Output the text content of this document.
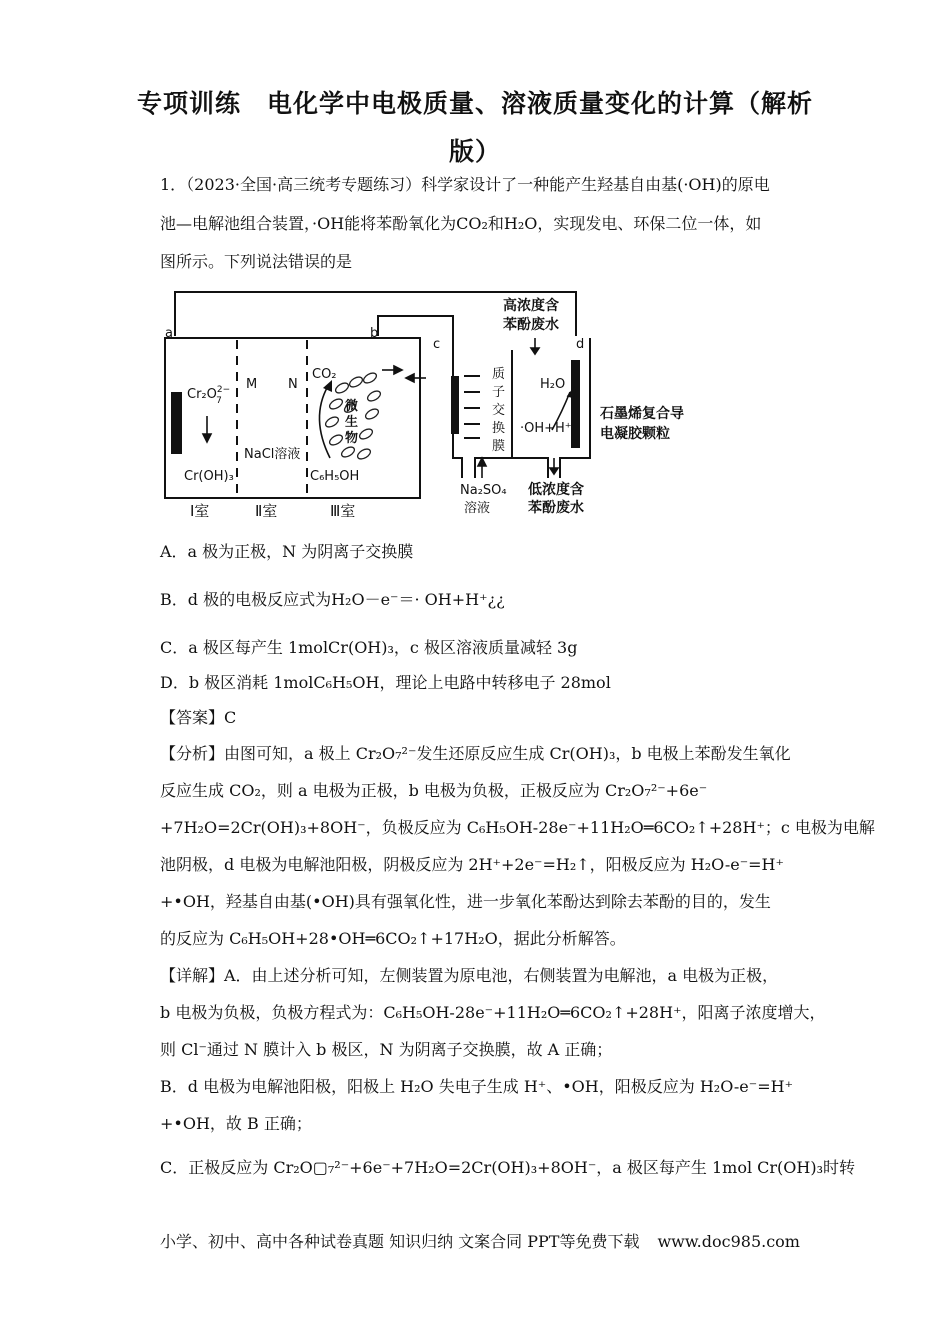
专项训练　电化学中电极质量、溶液质量变化的计算（解析
版）
1．（2023·全国·高三统考专题练习）科学家设计了一种能产生羟基自由基(·OH)的原电
池—电解池组合装置，·OH能将苯酚氧化为CO₂和H₂O，实现发电、环保二位一体，如
图所示。下列说法错误的是
a	b
c	d
M N
$Cr_2O^{2-}$ 7
Cr(OH)₃
NaCl溶液
CO₂
C₆H₅OH
微
生
物
Ⅰ室	Ⅱ室	Ⅲ室
高浓度含
苯酚废水
质
子
交
换
膜
H₂O
·OH+H⁺
石墨烯复合导
电凝胶颗粒
Na₂SO₄
溶液
低浓度含
苯酚废水
A．a 极为正极，N 为阴离子交换膜
B．d 极的电极反应式为H₂O－e⁻＝· OH+H⁺¿¿
C．a 极区每产生 1molCr(OH)₃，c 极区溶液质量减轻 3g
D．b 极区消耗 1molC₆H₅OH，理论上电路中转移电子 28mol
【答案】C
【分析】由图可知，a 极上 Cr₂O₇²⁻发生还原反应生成 Cr(OH)₃，b 电极上苯酚发生氧化
反应生成 CO₂，则 a 电极为正极，b 电极为负极，正极反应为 Cr₂O₇²⁻+6e⁻
+7H₂O=2Cr(OH)₃+8OH⁻，负极反应为 C₆H₅OH-28e⁻+11H₂O═6CO₂↑+28H⁺；c 电极为电解
池阴极，d 电极为电解池阳极，阴极反应为 2H⁺+2e⁻=H₂↑，阳极反应为 H₂O-e⁻=H⁺
+•OH，羟基自由基(•OH)具有强氧化性，进一步氧化苯酚达到除去苯酚的目的，发生
的反应为 C₆H₅OH+28•OH═6CO₂↑+17H₂O，据此分析解答。
【详解】A．由上述分析可知，左侧装置为原电池，右侧装置为电解池，a 电极为正极，
b 电极为负极，负极方程式为：C₆H₅OH-28e⁻+11H₂O═6CO₂↑+28H⁺，阳离子浓度增大，
则 Cl⁻通过 N 膜计入 b 极区，N 为阴离子交换膜，故 A 正确；
B．d 电极为电解池阳极，阳极上 H₂O 失电子生成 H⁺、•OH，阳极反应为 H₂O-e⁻=H⁺
+•OH，故 B 正确；
C．正极反应为 Cr₂O▢₇²⁻+6e⁻+7H₂O=2Cr(OH)₃+8OH⁻，a 极区每产生 1mol Cr(OH)₃时转
小学、初中、高中各种试卷真题 知识归纳 文案合同 PPT等免费下载 www.doc985.com
